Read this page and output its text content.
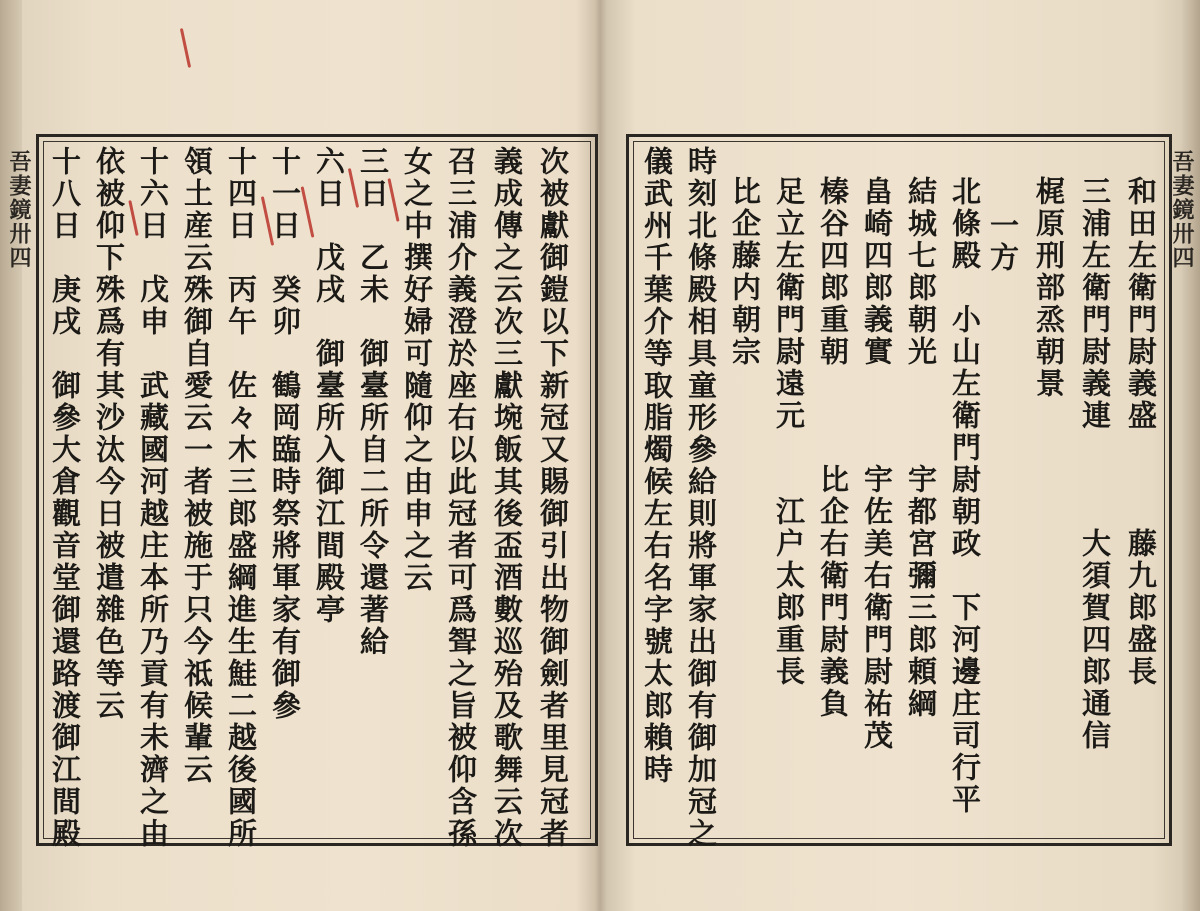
吾妻鏡卅四	吾妻鏡卅四
次被獻御鎧以下新冠又賜御引出物御劍者里見冠者
義成傳之云次三獻埦飯其後盃酒數巡殆及歌舞云次
召三浦介義澄於座右以此冠者可爲聟之旨被仰含孫
女之中撰好婦可隨仰之由申之云
三日　乙未　御臺所自二所令還著給
六日　戊戌　御臺所入御江間殿亭
十一日　癸卯　鶴岡臨時祭將軍家有御參
十四日　丙午　佐々木三郎盛綱進生鮭二越後國所
領土産云殊御自愛云一者被施于只今祗候輩云
十六日　戊申　武藏國河越庄本所乃貢有未濟之由
依被仰下殊爲有其沙汰今日被遣雜色等云
十八日　庚戌　御參大倉觀音堂御還路渡御江間殿	和田左衛門尉義盛　　　藤九郎盛長
三浦左衛門尉義連　　　大須賀四郎通信
梶原刑部烝朝景
一方
北條殿　小山左衛門尉朝政　下河邊庄司行平
結城七郎朝光　　　宇都宮彌三郎頼綱
畠崎四郎義實　　　宇佐美右衛門尉祐茂
榛谷四郎重朝　　　比企右衛門尉義負
足立左衛門尉遠元　　江户太郎重長
比企藤内朝宗
時刻北條殿相具童形參給則將軍家出御有御加冠之
儀武州千葉介等取脂燭候左右名字號太郎賴時
